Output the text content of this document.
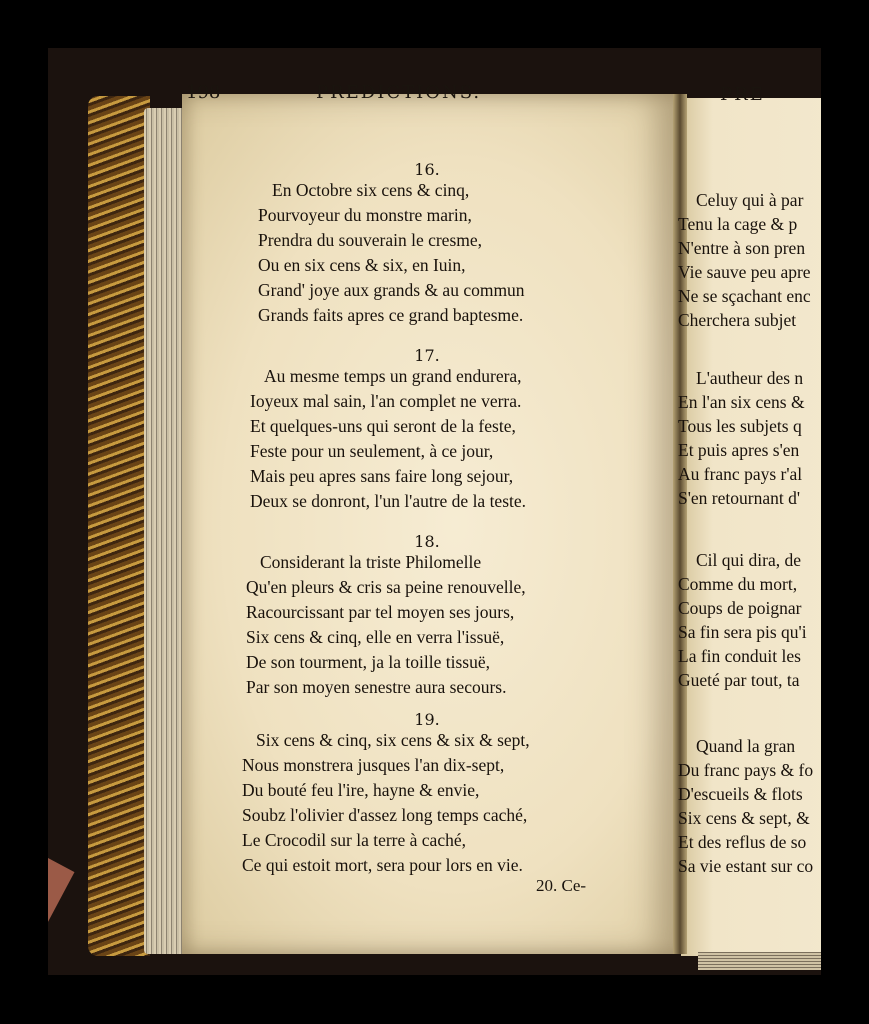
198	PREDICTIONS.
16.
En Octobre six cens & cinq,
Pourvoyeur du monstre marin,
Prendra du souverain le cresme,
Ou en six cens & six, en Iuin,
Grand' joye aux grands & au commun
Grands faits apres ce grand baptesme.
17.
Au mesme temps un grand endurera,
Ioyeux mal sain, l'an complet ne verra.
Et quelques-uns qui seront de la feste,
Feste pour un seulement, à ce jour,
Mais peu apres sans faire long sejour,
Deux se donront, l'un l'autre de la teste.
18.
Considerant la triste Philomelle
Qu'en pleurs & cris sa peine renouvelle,
Racourcissant par tel moyen ses jours,
Six cens & cinq, elle en verra l'issuë,
De son tourment, ja la toille tissuë,
Par son moyen senestre aura secours.
19.
Six cens & cinq, six cens & six & sept,
Nous monstrera jusques l'an dix-sept,
Du bouté feu l'ire, hayne & envie,
Soubz l'olivier d'assez long temps caché,
Le Crocodil sur la terre à caché,
Ce qui estoit mort, sera pour lors en vie.
20. Ce-
PRE
Celuy qui à par
Tenu la cage & p
N'entre à son pren
Vie sauve peu apre
Ne se sçachant enc
Cherchera subjet
L'autheur des n
En l'an six cens &
Tous les subjets q
Et puis apres s'en
Au franc pays r'al
S'en retournant d'
Cil qui dira, de
Comme du mort,
Coups de poignar
Sa fin sera pis qu'i
La fin conduit les
Gueté par tout, ta
Quand la gran
Du franc pays & fo
D'escueils & flots
Six cens & sept, &
Et des reflus de so
Sa vie estant sur co
